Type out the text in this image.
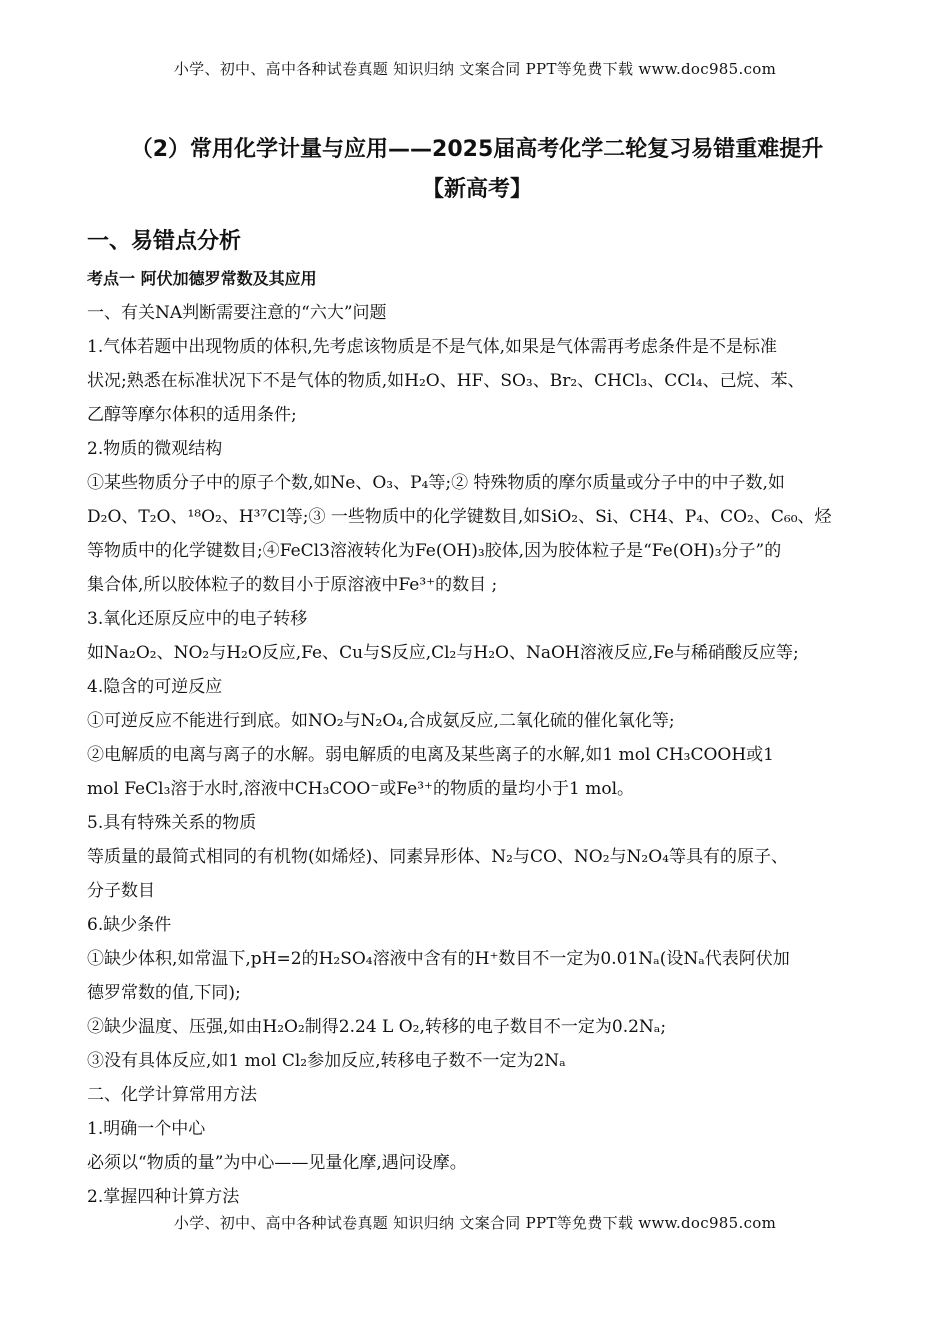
小学、初中、高中各种试卷真题 知识归纳 文案合同 PPT等免费下载 www.doc985.com
（2）常用化学计量与应用——2025届高考化学二轮复习易错重难提升
【新高考】
一、易错点分析
考点一 阿伏加德罗常数及其应用
一、有关NA判断需要注意的“六大”问题
1.气体若题中出现物质的体积,先考虑该物质是不是气体,如果是气体需再考虑条件是不是标准
状况;熟悉在标准状况下不是气体的物质,如H₂O、HF、SO₃、Br₂、CHCl₃、CCl₄、己烷、苯、
乙醇等摩尔体积的适用条件;
2.物质的微观结构
①某些物质分子中的原子个数,如Ne、O₃、P₄等;② 特殊物质的摩尔质量或分子中的中子数,如
D₂O、T₂O、¹⁸O₂、H³⁷Cl等;③ 一些物质中的化学键数目,如SiO₂、Si、CH4、P₄、CO₂、C₆₀、烃
等物质中的化学键数目;④FeCl3溶液转化为Fe(OH)₃胶体,因为胶体粒子是“Fe(OH)₃分子”的
集合体,所以胶体粒子的数目小于原溶液中Fe³⁺的数目 ;
3.氧化还原反应中的电子转移
如Na₂O₂、NO₂与H₂O反应,Fe、Cu与S反应,Cl₂与H₂O、NaOH溶液反应,Fe与稀硝酸反应等;
4.隐含的可逆反应
①可逆反应不能进行到底。如NO₂与N₂O₄,合成氨反应,二氧化硫的催化氧化等;
②电解质的电离与离子的水解。弱电解质的电离及某些离子的水解,如1 mol CH₃COOH或1
mol FeCl₃溶于水时,溶液中CH₃COO⁻或Fe³⁺的物质的量均小于1 mol。
5.具有特殊关系的物质
等质量的最简式相同的有机物(如烯烃)、同素异形体、N₂与CO、NO₂与N₂O₄等具有的原子、
分子数目
6.缺少条件
①缺少体积,如常温下,pH=2的H₂SO₄溶液中含有的H⁺数目不一定为0.01Nₐ(设Nₐ代表阿伏加
德罗常数的值,下同);
②缺少温度、压强,如由H₂O₂制得2.24 L O₂,转移的电子数目不一定为0.2Nₐ;
③没有具体反应,如1 mol Cl₂参加反应,转移电子数不一定为2Nₐ
二、化学计算常用方法
1.明确一个中心
必须以“物质的量”为中心——见量化摩,遇问设摩。
2.掌握四种计算方法
小学、初中、高中各种试卷真题 知识归纳 文案合同 PPT等免费下载 www.doc985.com
